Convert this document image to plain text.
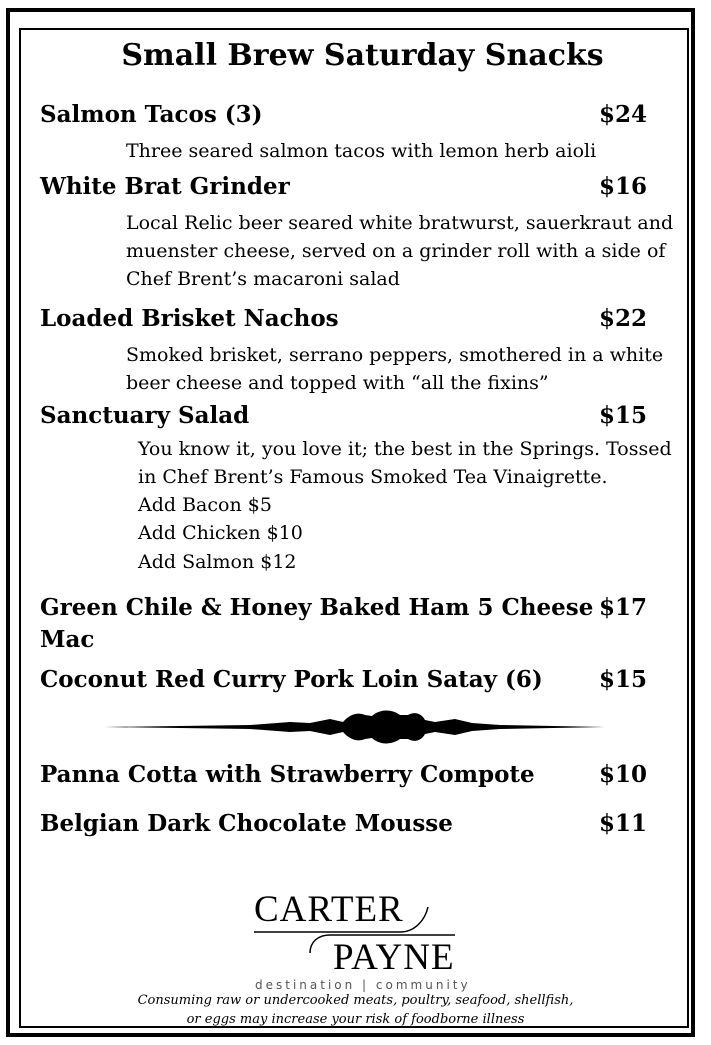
Small Brew Saturday Snacks
Salmon Tacos (3)	$24
Three seared salmon tacos with lemon herb aioli
White Brat Grinder	$16
Local Relic beer seared white bratwurst, sauerkraut and
muenster cheese, served on a grinder roll with a side of
Chef Brent’s macaroni salad
Loaded Brisket Nachos	$22
Smoked brisket, serrano peppers, smothered in a white
beer cheese and topped with “all the fixins”
Sanctuary Salad	$15
You know it, you love it; the best in the Springs. Tossed
in Chef Brent’s Famous Smoked Tea Vinaigrette.
Add Bacon $5
Add Chicken $10
Add Salmon $12
Green Chile & Honey Baked Ham 5 Cheese
Mac
$17
Coconut Red Curry Pork Loin Satay (6)	$15
Panna Cotta with Strawberry Compote	$10
Belgian Dark Chocolate Mousse	$11
CARTER
PAYNE
destination | community
Consuming raw or undercooked meats, poultry, seafood, shellfish,
or eggs may increase your risk of foodborne illness
